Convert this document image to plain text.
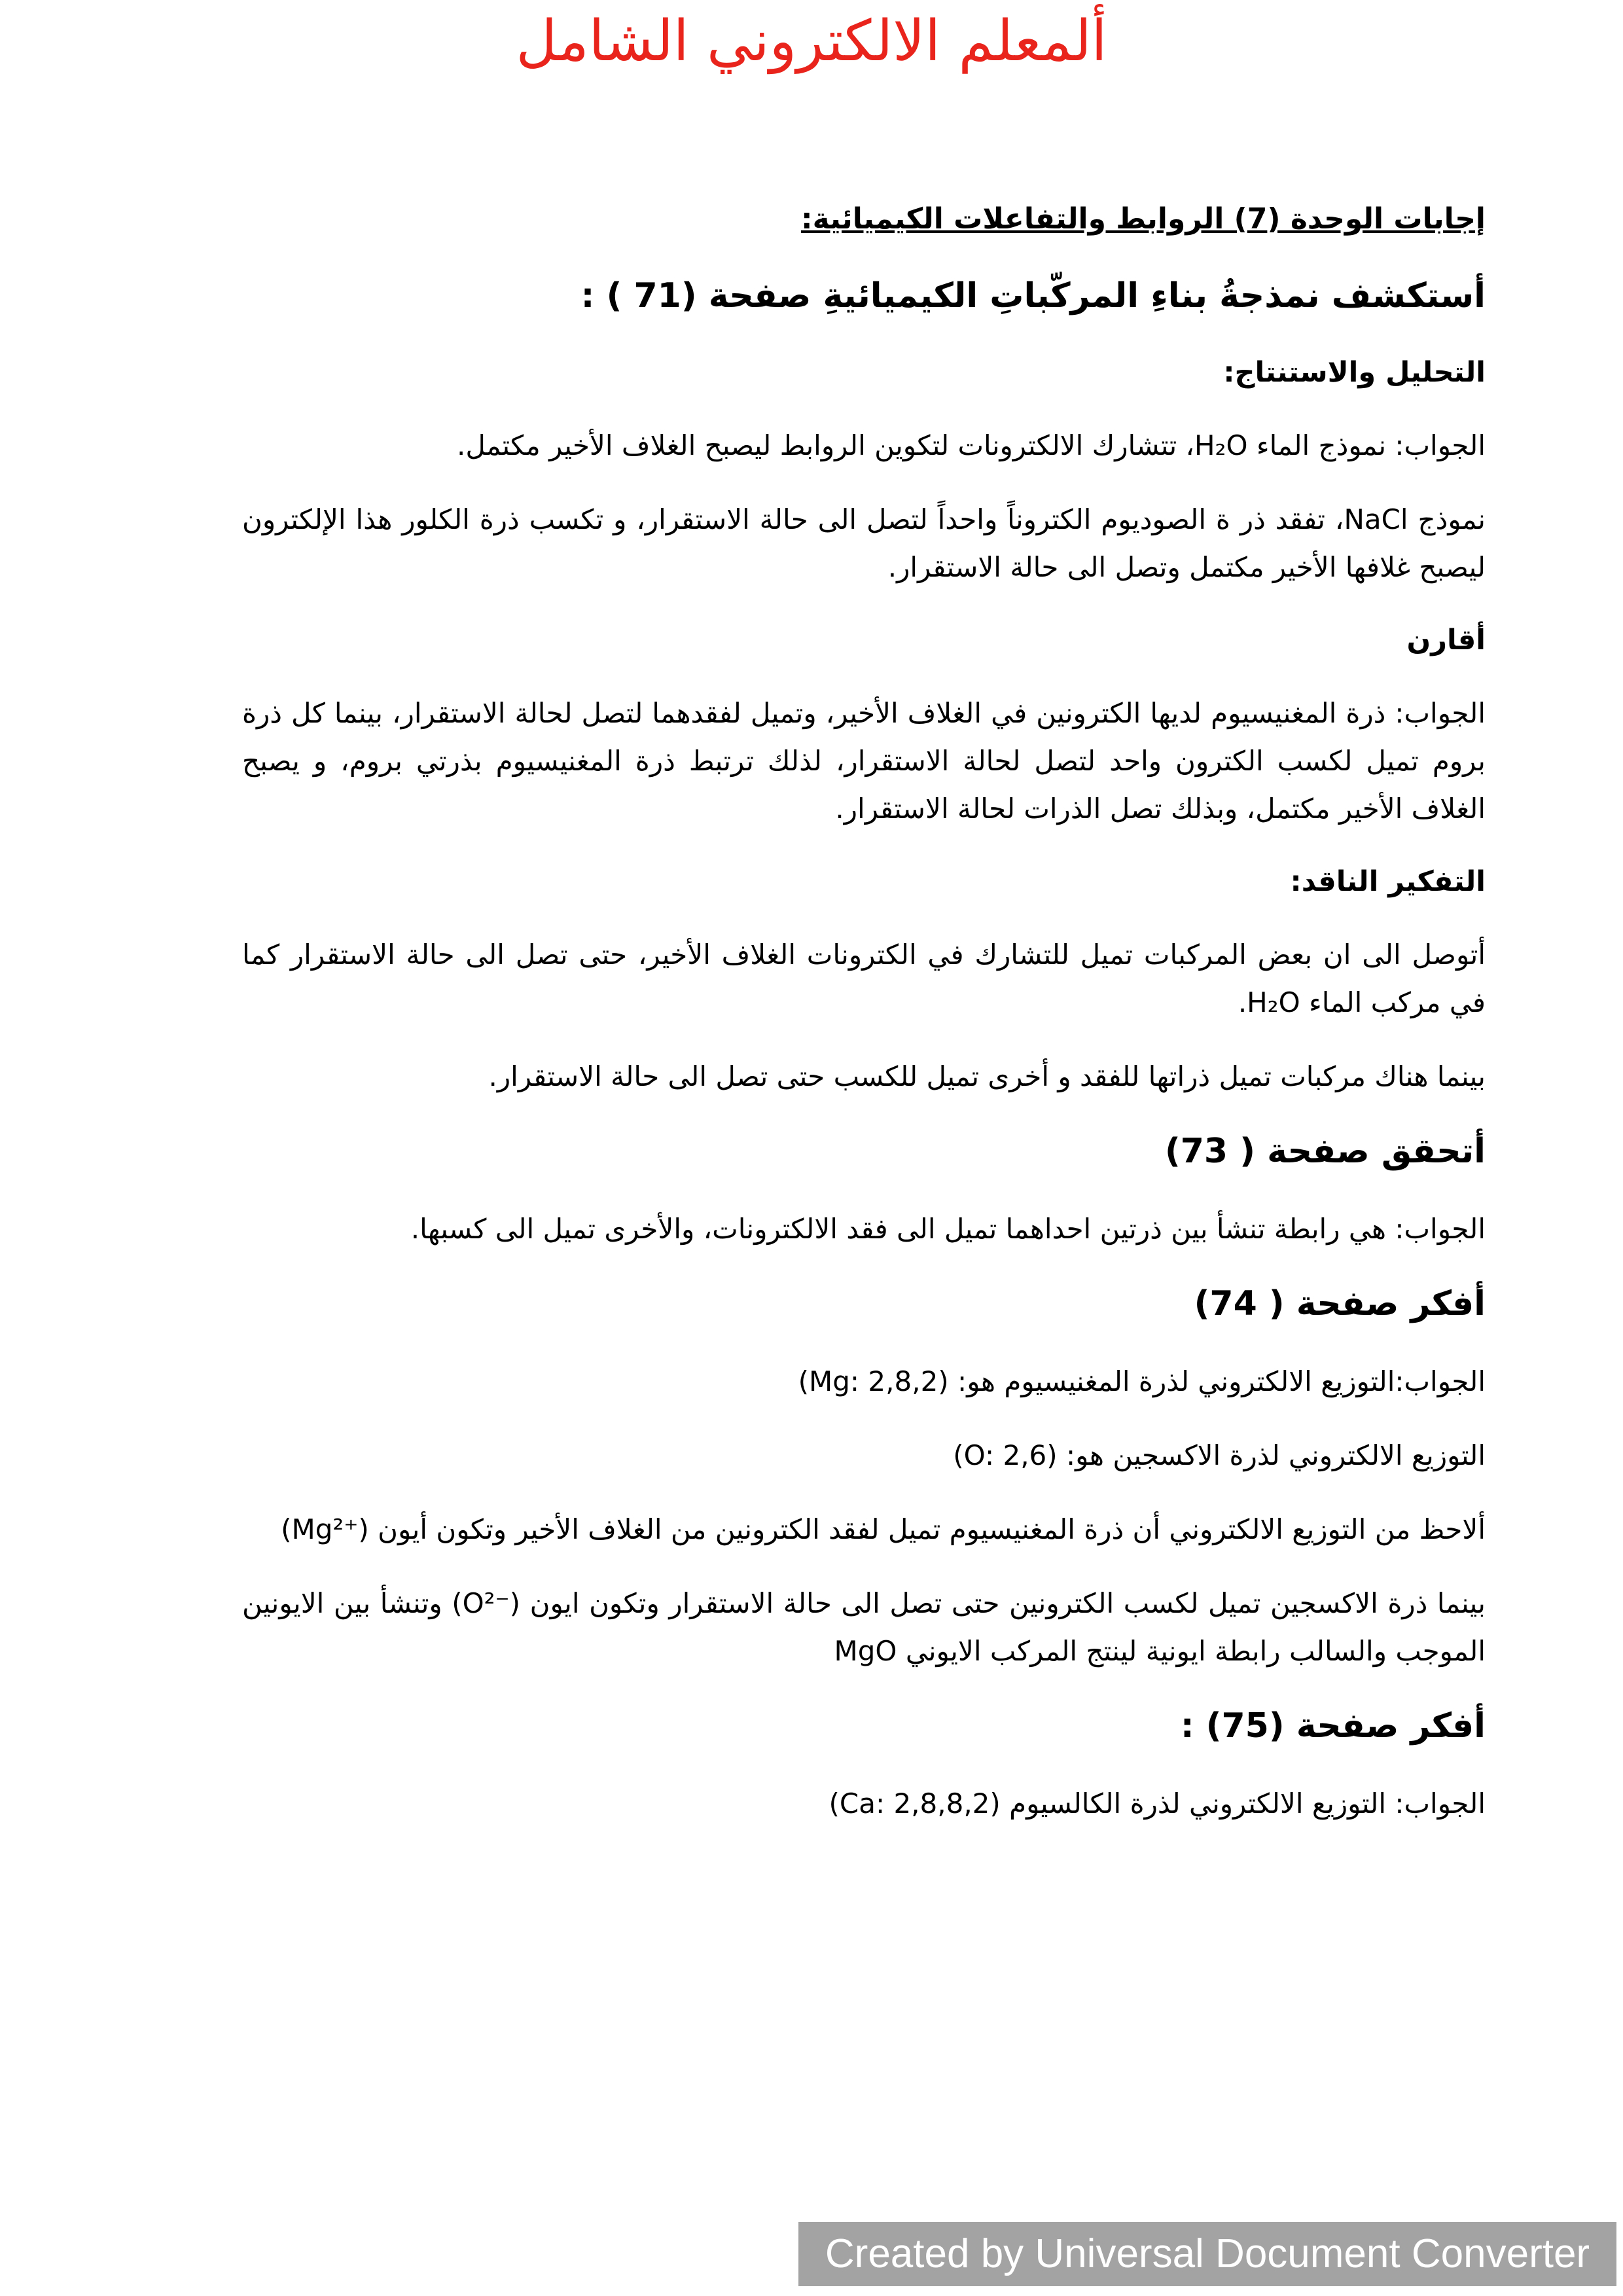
ألمعلم الالكتروني الشامل
إجابات الوحدة (7) الروابط والتفاعلات الكيميائية:
أستكشف نمذجةُ بناءِ المركّباتِ الكيميائيةِ صفحة (71 ) :
التحليل والاستنتاج:

الجواب: نموذج الماء H₂O، تتشارك الالكترونات لتكوين الروابط ليصبح الغلاف الأخير مكتمل.

نموذج NaCl، تفقد ذر ة الصوديوم الكتروناً واحداً لتصل الى حالة الاستقرار، و تكسب ذرة الكلور هذا الإلكترون ليصبح غلافها الأخير مكتمل وتصل الى حالة الاستقرار.

أقارن

الجواب: ذرة المغنيسيوم لديها الكترونين في الغلاف الأخير، وتميل لفقدهما لتصل لحالة الاستقرار، بينما كل ذرة بروم تميل لكسب الكترون واحد لتصل لحالة الاستقرار، لذلك ترتبط ذرة المغنيسيوم بذرتي بروم، و يصبح الغلاف الأخير مكتمل، وبذلك تصل الذرات لحالة الاستقرار.

التفكير الناقد:

أتوصل الى ان بعض المركبات تميل للتشارك في الكترونات الغلاف الأخير، حتى تصل الى حالة الاستقرار كما في مركب الماء H₂O.

بينما هناك مركبات تميل ذراتها للفقد و أخرى تميل للكسب حتى تصل الى حالة الاستقرار.

أتحقق صفحة ( 73)

الجواب: هي رابطة تنشأ بين ذرتين احداهما تميل الى فقد الالكترونات، والأخرى تميل الى كسبها.

أفكر صفحة ( 74)

الجواب:التوزيع الالكتروني لذرة المغنيسيوم هو: (Mg: 2,8,2)

التوزيع الالكتروني لذرة الاكسجين هو: (O: 2,6)

ألاحظ من التوزيع الالكتروني أن ذرة المغنيسيوم تميل لفقد الكترونين من الغلاف الأخير وتكون أيون (Mg²⁺)

بينما ذرة الاكسجين تميل لكسب الكترونين حتى تصل الى حالة الاستقرار وتكون ايون (O²⁻) وتنشأ بين الايونين الموجب والسالب رابطة ايونية لينتج المركب الايوني MgO

أفكر صفحة (75) :

الجواب: التوزيع الالكتروني لذرة الكالسيوم (Ca: 2,8,8,2)

Created by Universal Document Converter
